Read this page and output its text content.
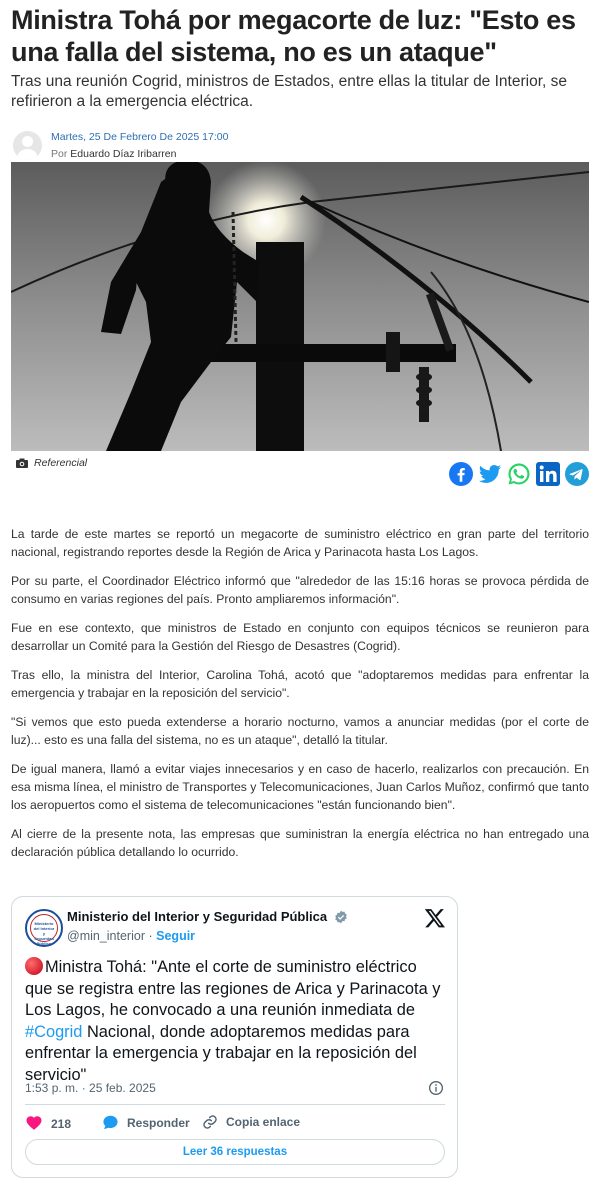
Ministra Tohá por megacorte de luz: "Esto es una falla del sistema, no es un ataque"

Tras una reunión Cogrid, ministros de Estados, entre ellas la titular de Interior, se refirieron a la emergencia eléctrica.

Martes, 25 De Febrero De 2025 17:00
Por Eduardo Díaz Iribarren
Referencial

La tarde de este martes se reportó un megacorte de suministro eléctrico en gran parte del territorio nacional, registrando reportes desde la Región de Arica y Parinacota hasta Los Lagos.

Por su parte, el Coordinador Eléctrico informó que "alrededor de las 15:16 horas se provoca pérdida de consumo en varias regiones del país. Pronto ampliaremos información".

Fue en ese contexto, que ministros de Estado en conjunto con equipos técnicos se reunieron para desarrollar un Comité para la Gestión del Riesgo de Desastres (Cogrid).

Tras ello, la ministra del Interior, Carolina Tohá, acotó que "adoptaremos medidas para enfrentar la emergencia y trabajar en la reposición del servicio".

"Si vemos que esto pueda extenderse a horario nocturno, vamos a anunciar medidas (por el corte de luz)... esto es una falla del sistema, no es un ataque", detalló la titular.

De igual manera, llamó a evitar viajes innecesarios y en caso de hacerlo, realizarlos con precaución. En esa misma línea, el ministro de Transportes y Telecomunicaciones, Juan Carlos Muñoz, confirmó que tanto los aeropuertos como el sistema de telecomunicaciones "están funcionando bien".

Al cierre de la presente nota, las empresas que suministran la energía eléctrica no han entregado una declaración pública detallando lo ocurrido.

Ministerio del Interior y Seguridad Pública
Ministerio del Interior y Seguridad Pública
@min_interior · Seguir
Ministra Tohá: "Ante el corte de suministro eléctrico que se registra entre las regiones de Arica y Parinacota y Los Lagos, he convocado a una reunión inmediata de #Cogrid Nacional, donde adoptaremos medidas para enfrentar la emergencia y trabajar en la reposición del servicio"
1:53 p. m. · 25 feb. 2025
218	Responder	Copia enlace
Leer 36 respuestas
